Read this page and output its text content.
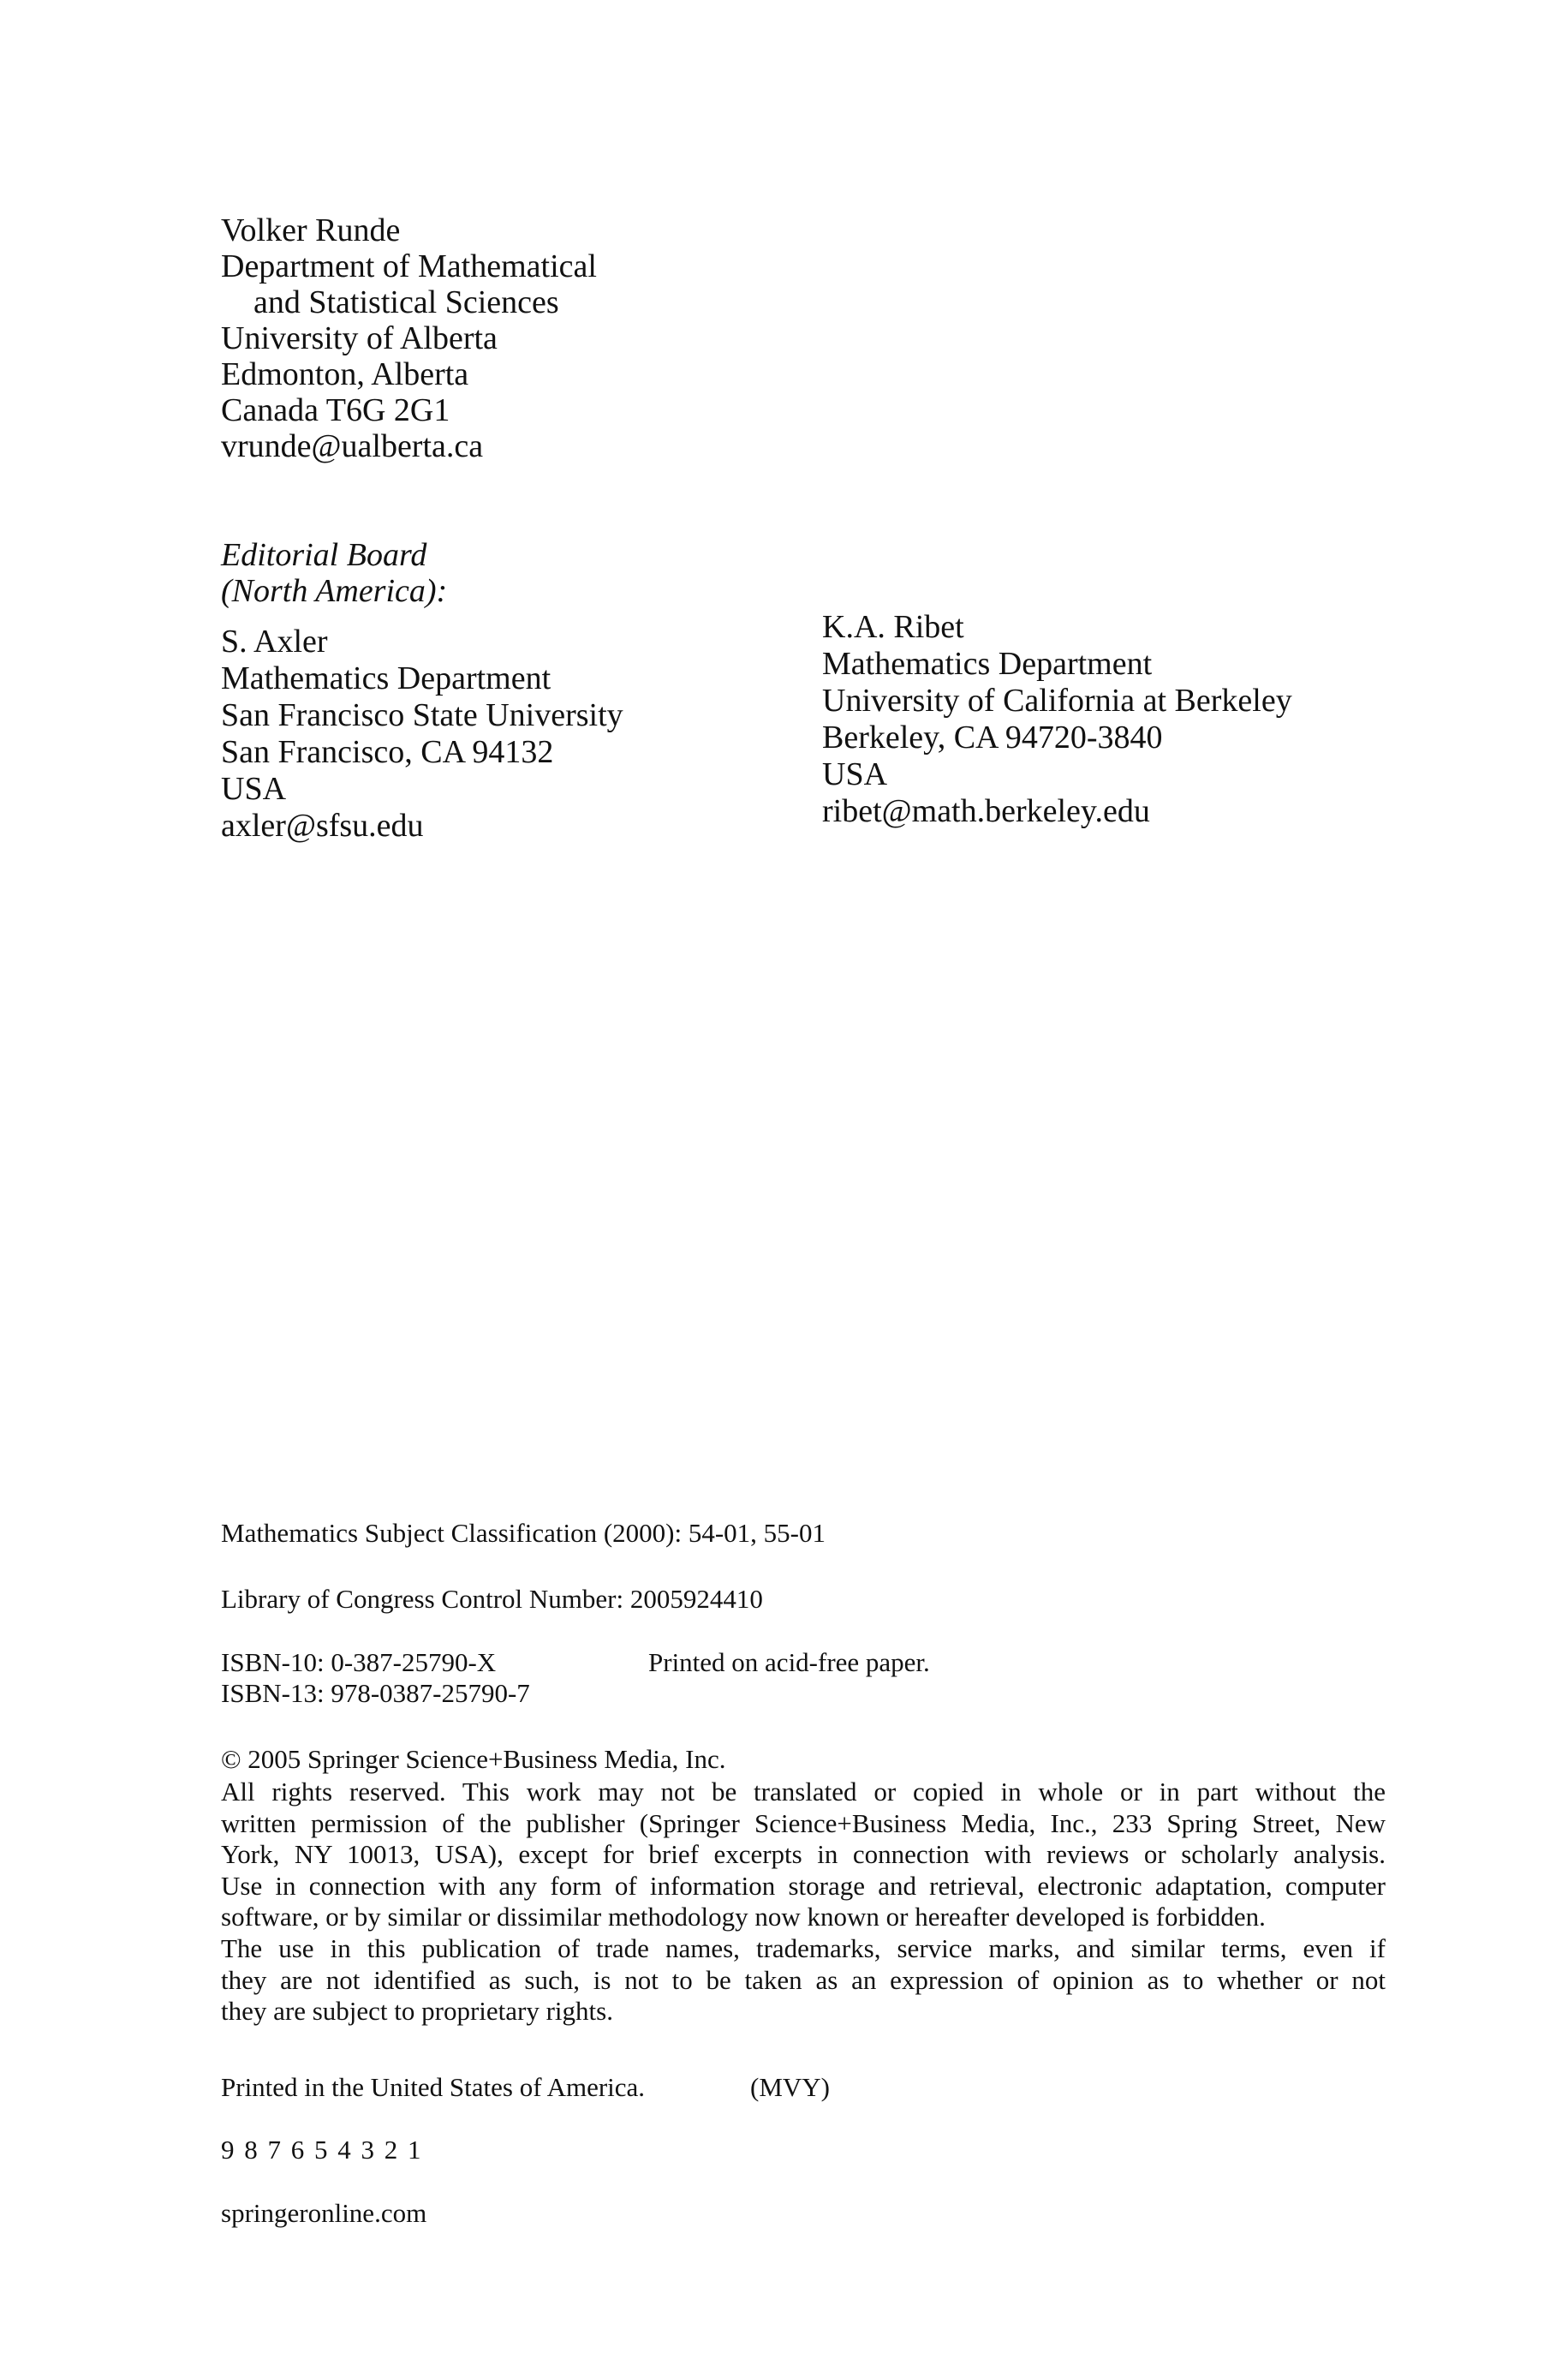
Volker Runde
Department of Mathematical
and Statistical Sciences
University of Alberta
Edmonton, Alberta
Canada T6G 2G1
vrunde@ualberta.ca
Editorial Board
(North America):
S. Axler
Mathematics Department
San Francisco State University
San Francisco, CA 94132
USA
axler@sfsu.edu
K.A. Ribet
Mathematics Department
University of California at Berkeley
Berkeley, CA 94720-3840
USA
ribet@math.berkeley.edu
Mathematics Subject Classification (2000): 54-01, 55-01
Library of Congress Control Number: 2005924410
ISBN-10: 0-387-25790-X
ISBN-13: 978-0387-25790-7
Printed on acid-free paper.
© 2005 Springer Science+Business Media, Inc.
All rights reserved. This work may not be translated or copied in whole or in part without the
written permission of the publisher (Springer Science+Business Media, Inc., 233 Spring Street, New
York, NY 10013, USA), except for brief excerpts in connection with reviews or scholarly analysis.
Use in connection with any form of information storage and retrieval, electronic adaptation, computer
software, or by similar or dissimilar methodology now known or hereafter developed is forbidden.
The use in this publication of trade names, trademarks, service marks, and similar terms, even if
they are not identified as such, is not to be taken as an expression of opinion as to whether or not
they are subject to proprietary rights.
Printed in the United States of America.	(MVY)
9 8 7 6 5 4 3 2 1
springeronline.com
